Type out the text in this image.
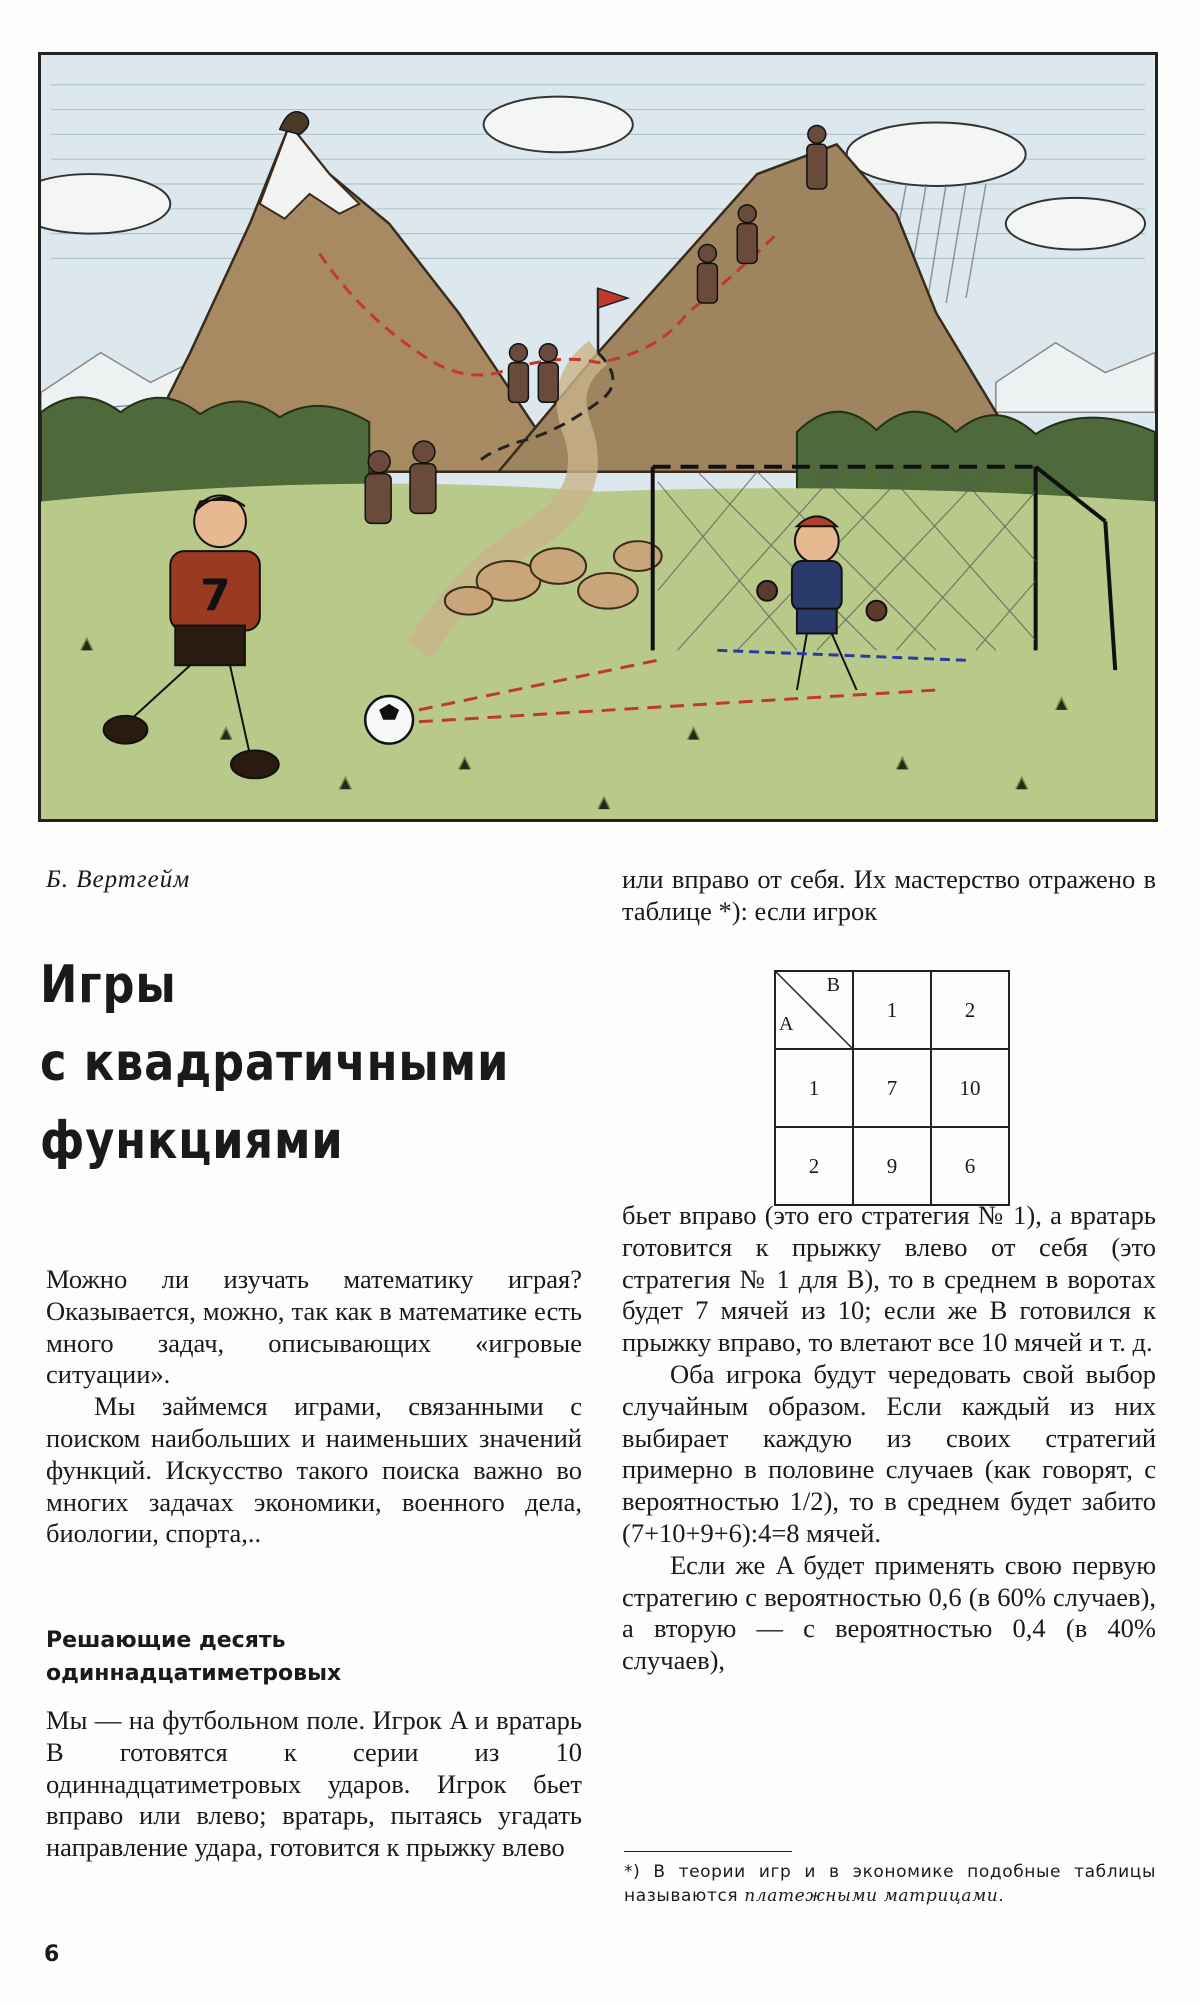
7
Б. Вертгейм
Игры
с квадратичными
функциями

Можно ли изучать математику играя? Оказывается, можно, так как в математике есть много задач, описывающих «игровые ситуации».

Мы займемся играми, связанными с поиском наибольших и наименьших значений функций. Искусство такого поиска важно во многих задачах экономики, военного дела, биологии, спорта,..

Решающие десять одиннадцатиметровых

Мы — на футбольном поле. Игрок A и вратарь B готовятся к серии из 10 одиннадцатиметровых ударов. Игрок бьет вправо или влево; вратарь, пытаясь угадать направление удара, готовится к прыжку влево

или вправо от себя. Их мастерство отражено в таблице *): если игрок

A
B	1	2
1	7	10
2	9	6

бьет вправо (это его стратегия № 1), а вратарь готовится к прыжку влево от себя (это стратегия № 1 для B), то в среднем в воротах будет 7 мячей из 10; если же B готовился к прыжку вправо, то влетают все 10 мячей и т. д.

Оба игрока будут чередовать свой выбор случайным образом. Если каждый из них выбирает каждую из своих стратегий примерно в половине случаев (как говорят, с вероятностью 1/2), то в среднем будет забито (7+10+9+6):4=8 мячей.

Если же A будет применять свою первую стратегию с вероятностью 0,6 (в 60% случаев), а вторую — с вероятностью 0,4 (в 40% случаев),

*) В теории игр и в экономике подобные таблицы называются платежными матрицами.
6
